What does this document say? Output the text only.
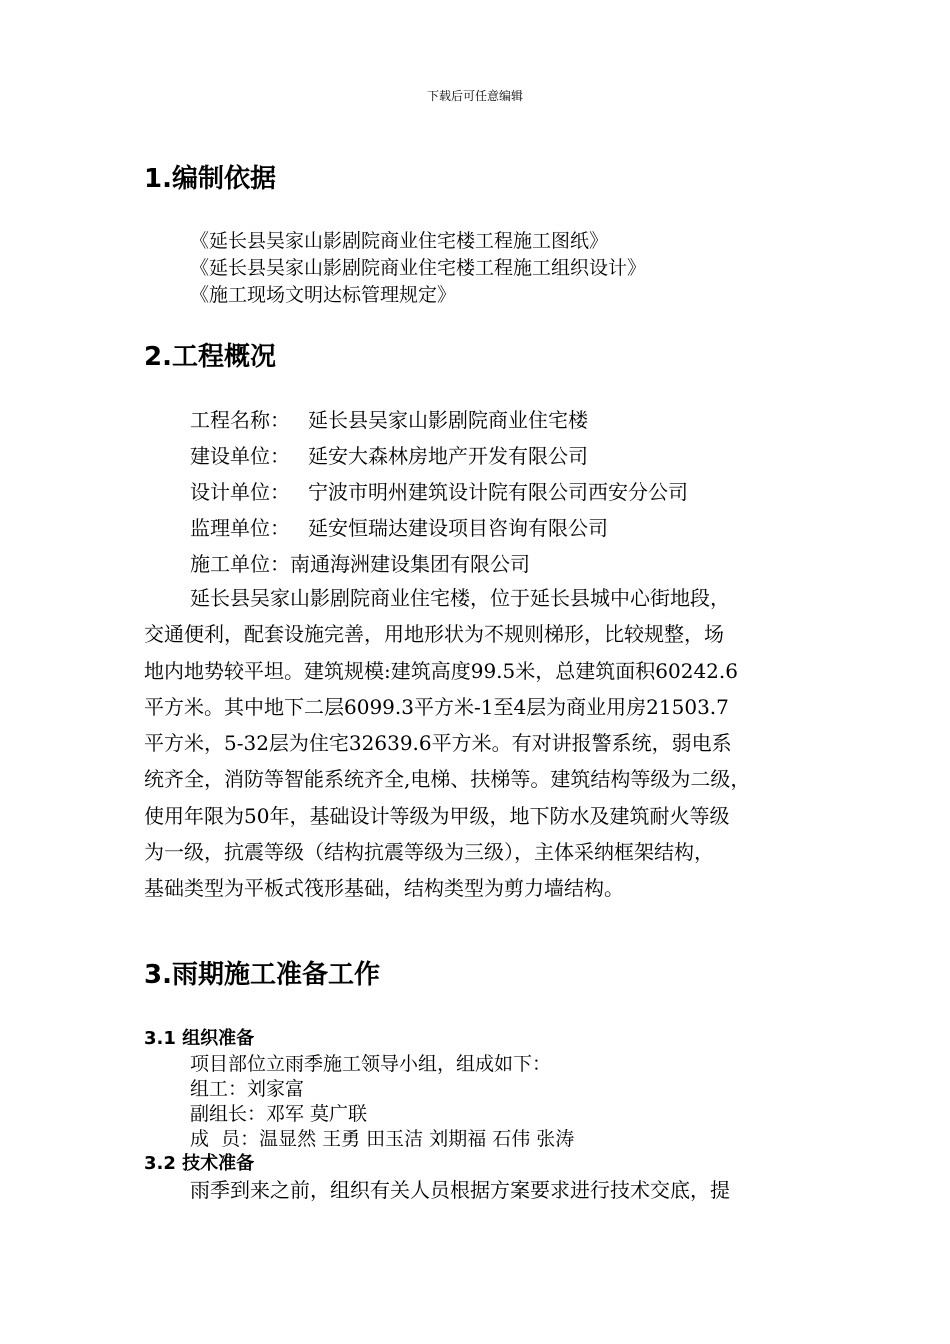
下载后可任意编辑
1.编制依据
《延长县吴家山影剧院商业住宅楼工程施工图纸》
《延长县吴家山影剧院商业住宅楼工程施工组织设计》
《施工现场文明达标管理规定》
2.工程概况
工程名称： 延长县吴家山影剧院商业住宅楼
建设单位： 延安大森林房地产开发有限公司
设计单位： 宁波市明州建筑设计院有限公司西安分公司
监理单位： 延安恒瑞达建设项目咨询有限公司
施工单位：南通海洲建设集团有限公司
延长县吴家山影剧院商业住宅楼，位于延长县城中心街地段，
交通便利，配套设施完善，用地形状为不规则梯形，比较规整，场
地内地势较平坦。建筑规模:建筑高度99.5米，总建筑面积60242.6
平方米。其中地下二层6099.3平方米-1至4层为商业用房21503.7
平方米，5-32层为住宅32639.6平方米。有对讲报警系统，弱电系
统齐全，消防等智能系统齐全,电梯、扶梯等。建筑结构等级为二级，
使用年限为50年，基础设计等级为甲级，地下防水及建筑耐火等级
为一级，抗震等级（结构抗震等级为三级），主体采纳框架结构，
基础类型为平板式筏形基础，结构类型为剪力墙结构。
3.雨期施工准备工作
3.1 组织准备
项目部位立雨季施工领导小组，组成如下：
组工：刘家富
副组长：邓军 莫广联
成  员：温显然 王勇 田玉洁 刘期福 石伟 张涛
3.2 技术准备
雨季到来之前，组织有关人员根据方案要求进行技术交底，提
